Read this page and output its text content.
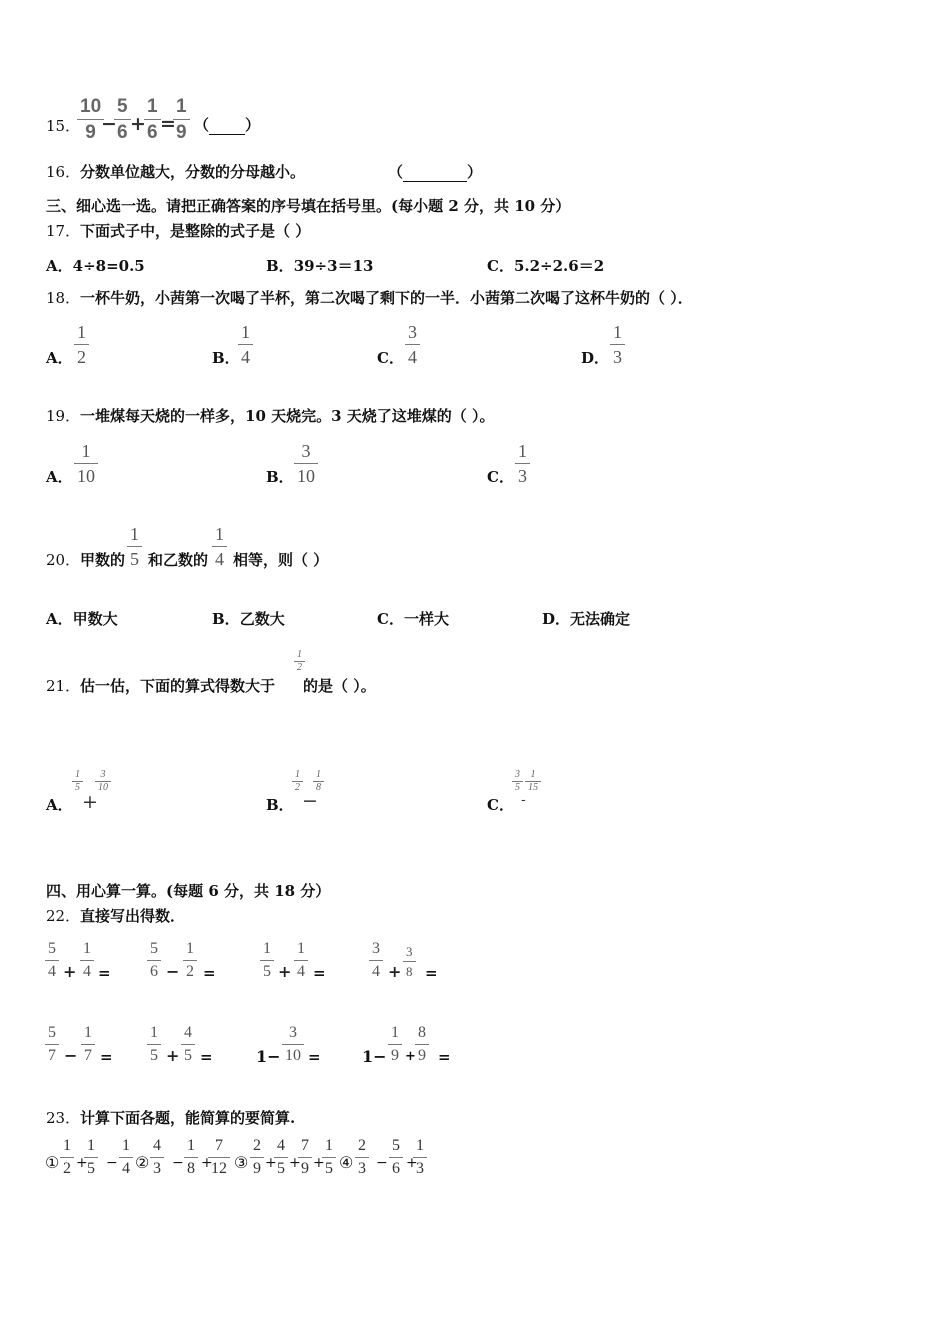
15．
10
9 −
5
6 +
1
6 =
1
9 （ ）
16． 分数单位越大，分数的分母越小。	（	）
三、细心选一选。请把正确答案的序号填在括号里。(每小题 2 分，共 10 分）
17． 下面式子中，是整除的式子是（ ）
A．4÷8=0.5	B．39÷3＝13	C．5.2÷2.6＝2
18． 一杯牛奶，小茜第一次喝了半杯，第二次喝了剩下的一半．小茜第二次喝了这杯牛奶的（ ）．
A．
1
2	B．
1
4	C．
3
4	D．
1
3
19． 一堆煤每天烧的一样多，10 天烧完。3 天烧了这堆煤的（ ）。
A．
1
10	B．
3
10	C．
1
3
20． 甲数的
1
5 和乙数的
1
4 相等，则（ ）
A．甲数大	B．乙数大	C．一样大	D．无法确定
21． 估一估，下面的算式得数大于
1
2
的是（ ）。
A．
1
5
+
3
10
B．
1
2
−
1
8
C．
3
5
-
1
15
四、用心算一算。(每题 6 分，共 18 分）
22． 直接写出得数．
5
4 +
1
4 =
5
6 −
1
2 =
1
5 +
1
4 =
3
4 +
3
8 =
5
7 −
1
7 =
1
5 +
4
5 =	1−
3
10 =	1−
1
9 +
8
9 =
23． 计算下面各题，能简算的要简算.
①
1
2 +
1
5 −
1
4 ②
4
3 −
1
8 +
7
12 ③
2
9 +
4
5 +
7
9 +
1
5 ④
2
3 −
5
6 +
1
3
